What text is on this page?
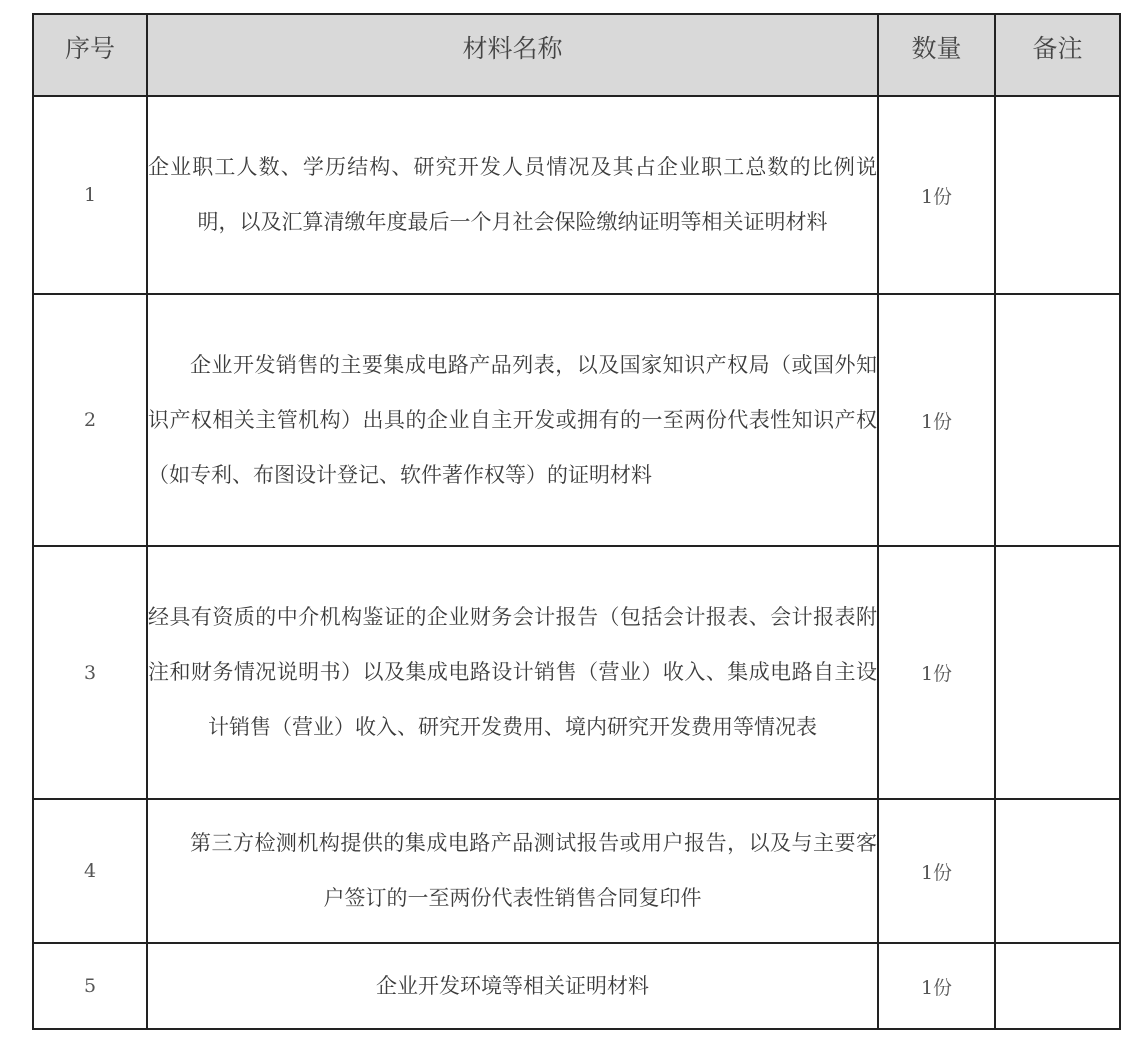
序号	材料名称	数量	备注
1	企业职工人数、学历结构、研究开发人员情况及其占企业职工总数的比例说明，以及汇算清缴年度最后一个月社会保险缴纳证明等相关证明材料	1份	
2	企业开发销售的主要集成电路产品列表，以及国家知识产权局（或国外知识产权相关主管机构）出具的企业自主开发或拥有的一至两份代表性知识产权（如专利、布图设计登记、软件著作权等）的证明材料	1份	
3	经具有资质的中介机构鉴证的企业财务会计报告（包括会计报表、会计报表附注和财务情况说明书）以及集成电路设计销售（营业）收入、集成电路自主设计销售（营业）收入、研究开发费用、境内研究开发费用等情况表	1份	
4	第三方检测机构提供的集成电路产品测试报告或用户报告，以及与主要客户签订的一至两份代表性销售合同复印件	1份	
5	企业开发环境等相关证明材料	1份	
